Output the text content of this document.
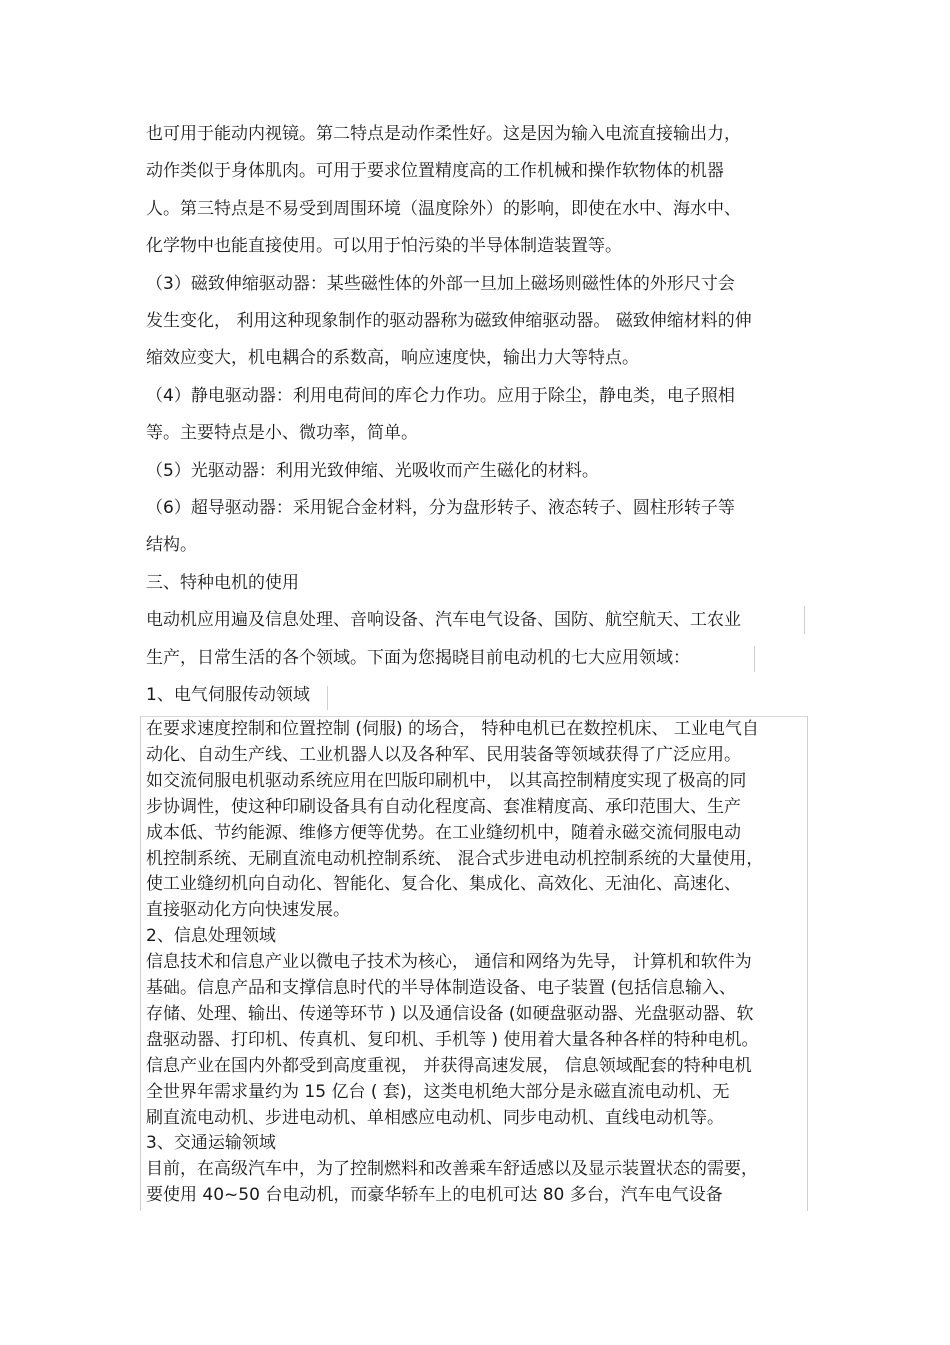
也可用于能动内视镜。第二特点是动作柔性好。这是因为输入电流直接输出力，
动作类似于身体肌肉。可用于要求位置精度高的工作机械和操作软物体的机器
人。第三特点是不易受到周围环境（温度除外）的影响，即使在水中、海水中、
化学物中也能直接使用。可以用于怕污染的半导体制造装置等。
（3）磁致伸缩驱动器：某些磁性体的外部一旦加上磁场则磁性体的外形尺寸会
发生变化， 利用这种现象制作的驱动器称为磁致伸缩驱动器。 磁致伸缩材料的伸
缩效应变大，机电耦合的系数高，响应速度快，输出力大等特点。
（4）静电驱动器：利用电荷间的库仑力作功。应用于除尘，静电类，电子照相
等。主要特点是小、微功率，简单。
（5）光驱动器：利用光致伸缩、光吸收而产生磁化的材料。
（6）超导驱动器：采用铌合金材料，分为盘形转子、液态转子、圆柱形转子等
结构。
三、特种电机的使用
电动机应用遍及信息处理、音响设备、汽车电气设备、国防、航空航天、工农业
生产，日常生活的各个领域。下面为您揭晓目前电动机的七大应用领域：
1、电气伺服传动领域
在要求速度控制和位置控制 (伺服) 的场合， 特种电机已在数控机床、 工业电气自
动化、自动生产线、工业机器人以及各种军、民用装备等领域获得了广泛应用。
如交流伺服电机驱动系统应用在凹版印刷机中， 以其高控制精度实现了极高的同
步协调性，使这种印刷设备具有自动化程度高、套准精度高、承印范围大、生产
成本低、节约能源、维修方便等优势。在工业缝纫机中，随着永磁交流伺服电动
机控制系统、无刷直流电动机控制系统、 混合式步进电动机控制系统的大量使用，
使工业缝纫机向自动化、智能化、复合化、集成化、高效化、无油化、高速化、
直接驱动化方向快速发展。
2、信息处理领域
信息技术和信息产业以微电子技术为核心， 通信和网络为先导， 计算机和软件为
基础。信息产品和支撑信息时代的半导体制造设备、电子装置 (包括信息输入、
存储、处理、输出、传递等环节 ) 以及通信设备 (如硬盘驱动器、光盘驱动器、软
盘驱动器、打印机、传真机、复印机、手机等 ) 使用着大量各种各样的特种电机。
信息产业在国内外都受到高度重视， 并获得高速发展， 信息领域配套的特种电机
全世界年需求量约为 15 亿台 ( 套)，这类电机绝大部分是永磁直流电动机、无
刷直流电动机、步进电动机、单相感应电动机、同步电动机、直线电动机等。
3、交通运输领域
目前，在高级汽车中，为了控制燃料和改善乘车舒适感以及显示装置状态的需要，
要使用 40~50 台电动机，而豪华轿车上的电机可达 80 多台，汽车电气设备
